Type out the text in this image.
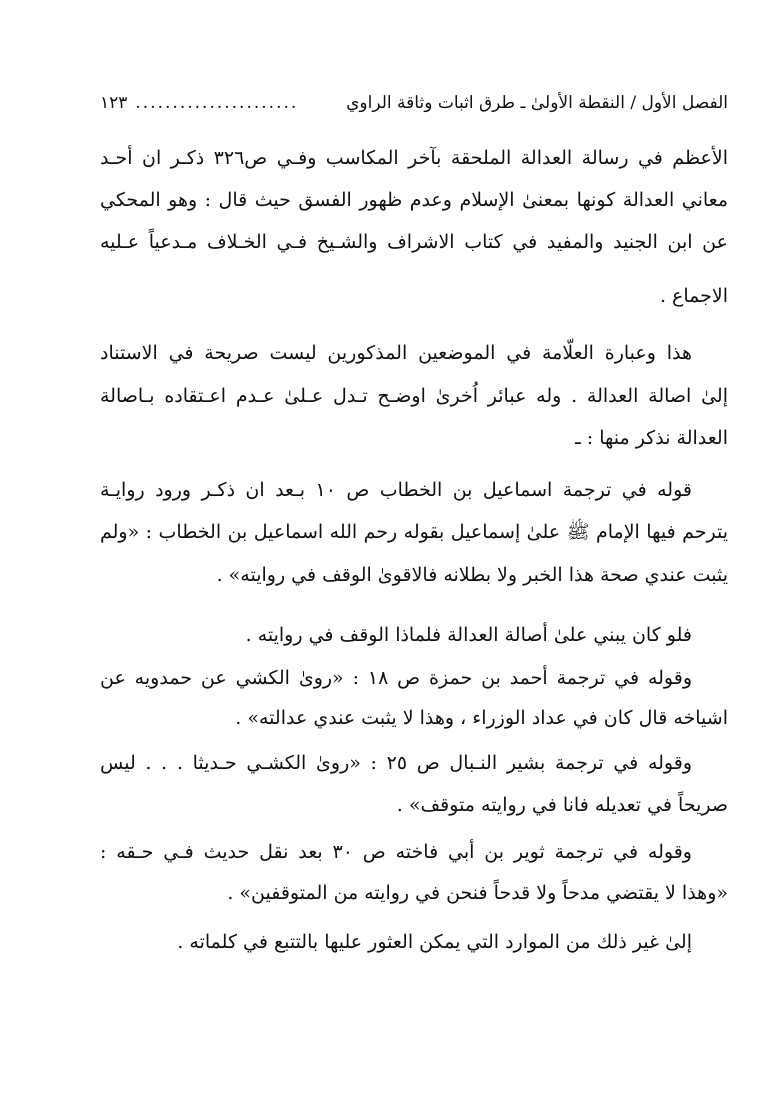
الفصل الأول / النقطة الأولىٰ ـ طرق اثبات وثاقة الراوي
......................
١٢٣
الأعظم في رسالة العدالة الملحقة بآخر المكاسب وفـي ص٣٢٦ ذكـر ان أحـد
معاني العدالة كونها بمعنىٰ الإسلام وعدم ظهور الفسق حيث قال : وهو المحكي
عن ابن الجنيد والمفيد في كتاب الاشراف والشـيخ فـي الخـلاف مـدعياً عـليه
الاجماع .
هذا وعبارة العلّامة في الموضعين المذكورين ليست صريحة في الاستناد
إلىٰ اصالة العدالة . وله عبائر اُخرىٰ اوضـح تـدل عـلىٰ عـدم اعـتقاده بـاصالة
العدالة نذكر منها : ـ
قوله في ترجمة اسماعيل بن الخطاب ص ١٠ بـعد ان ذكـر ورود روايـة
يترحم فيها الإمام ﷺ علىٰ إسماعيل بقوله رحم الله اسماعيل بن الخطاب : «ولم
يثبت عندي صحة هذا الخبر ولا بطلانه فالاقوىٰ الوقف في روايته» .
فلو كان يبني علىٰ أصالة العدالة فلماذا الوقف في روايته .
وقوله في ترجمة أحمد بن حمزة ص ١٨ : «روىٰ الكشي عن حمدويه عن
اشياخه قال كان في عداد الوزراء ، وهذا لا يثبت عندي عدالته» .
وقوله في ترجمة بشير النـبال ص ٢٥ : «روىٰ الكشـي حـديثا . . . ليس
صريحاً في تعديله فانا في روايته متوقف» .
وقوله في ترجمة ثوير بن أبي فاخته ص ٣٠ بعد نقل حديث فـي حـقه :
«وهذا لا يقتضي مدحاً ولا قدحاً فنحن في روايته من المتوقفين» .
إلىٰ غير ذلك من الموارد التي يمكن العثور عليها بالتتبع في كلماته .
